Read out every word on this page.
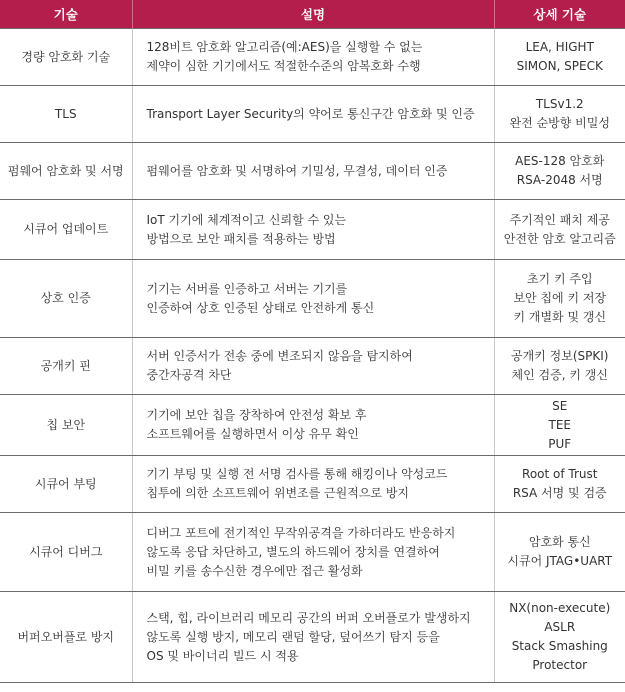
기술	설명	상세 기술
경량 암호화 기술	128비트 암호화 알고리즘(예:AES)을 실행할 수 없는
제약이 심한 기기에서도 적절한수준의 암복호화 수행	LEA, HIGHT
SIMON, SPECK

TLS	Transport Layer Security의 약어로 통신구간 암호화 및 인증	TLSv1.2
완전 순방향 비밀성

펌웨어 암호화 및 서명	펌웨어를 암호화 및 서명하여 기밀성, 무결성, 데이터 인증	AES-128 암호화
RSA-2048 서명

시큐어 업데이트	IoT 기기에 체계적이고 신뢰할 수 있는
방법으로 보안 패치를 적용하는 방법	주기적인 패치 제공
안전한 암호 알고리즘

상호 인증	기기는 서버를 인증하고 서버는 기기를
인증하여 상호 인증된 상태로 안전하게 통신	초기 키 주입
보안 칩에 키 저장
키 개별화 및 갱신

공개키 핀	서버 인증서가 전송 중에 변조되지 않음을 탐지하여
중간자공격 차단	공개키 정보(SPKI)
체인 검증, 키 갱신

칩 보안	기기에 보안 칩을 장착하여 안전성 확보 후
소프트웨어를 실행하면서 이상 유무 확인	SE
TEE
PUF

시큐어 부팅	기기 부팅 및 실행 전 서명 검사를 통해 해킹이나 악성코드
침투에 의한 소프트웨어 위변조를 근원적으로 방지	Root of Trust
RSA 서명 및 검증

시큐어 디버그	디버그 포트에 전기적인 무작위공격을 가하더라도 반응하지
않도록 응답 차단하고, 별도의 하드웨어 장치를 연결하여
비밀 키를 송수신한 경우에만 접근 활성화	암호화 통신
시큐어 JTAG•UART

버퍼오버플로 방지	스택, 힙, 라이브러리 메모리 공간의 버퍼 오버플로가 발생하지
않도록 실행 방지, 메모리 랜덤 할당, 덮어쓰기 탐지 등을
OS 및 바이너리 빌드 시 적용	NX(non-execute)
ASLR
Stack Smashing
Protector
